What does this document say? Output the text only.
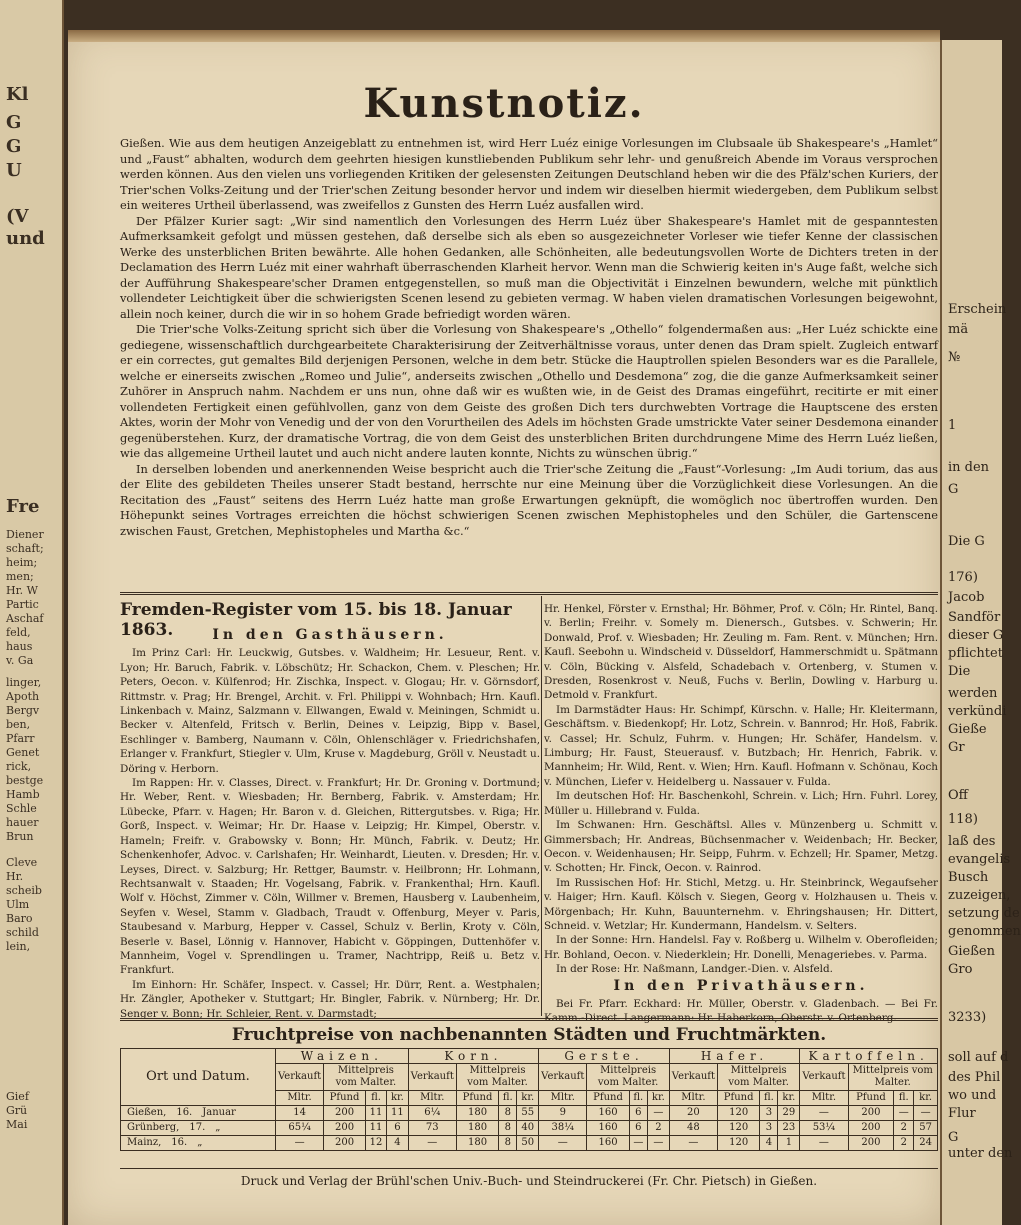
Kl
G
G
U
(V
und
Fre
Diener
schaft;
heim;
men;
Hr. W
Partic
Aschaf
feld,
haus
v. Ga
linger,
Apoth
Bergv
ben,
Pfarr
Genet
rick,
bestge
Hamb
Schle
hauer
Brun
Cleve
Hr.
scheib
Ulm
Baro
schild
lein,
Gief
Grü
Mai
Erschein
mä
№
1
in den
G
Die G
176)
Jacob
Sandför
dieser G
pflichtet
Die
werden
verkündi
Gieße
Gr
Off
118)
laß des
evangelis
Busch
zuzeigen,
setzung de
genommen
Gießen
Gro
3233)
soll auf d
des Phil
wo und
Flur
G
unter den
Kunstnotiz.

Gießen. Wie aus dem heutigen Anzeigeblatt zu entnehmen ist, wird Herr Luéz einige Vorlesungen im Clubsaale üb Shakespeare's „Hamlet“ und „Faust“ abhalten, wodurch dem geehrten hiesigen kunstliebenden Publikum sehr lehr- und genußreich Abende im Voraus versprochen werden können. Aus den vielen uns vorliegenden Kritiken der gelesensten Zeitungen Deutschland heben wir die des Pfälz'schen Kuriers, der Trier'schen Volks-Zeitung und der Trier'schen Zeitung besonder hervor und indem wir dieselben hiermit wiedergeben, dem Publikum selbst ein weiteres Urtheil überlassend, was zweifellos z Gunsten des Herrn Luéz ausfallen wird.

Der Pfälzer Kurier sagt: „Wir sind namentlich den Vorlesungen des Herrn Luéz über Shakespeare's Hamlet mit de gespanntesten Aufmerksamkeit gefolgt und müssen gestehen, daß derselbe sich als eben so ausgezeichneter Vorleser wie tiefer Kenne der classischen Werke des unsterblichen Briten bewährte. Alle hohen Gedanken, alle Schönheiten, alle bedeutungsvollen Worte de Dichters treten in der Declamation des Herrn Luéz mit einer wahrhaft überraschenden Klarheit hervor. Wenn man die Schwierig keiten in's Auge faßt, welche sich der Aufführung Shakespeare'scher Dramen entgegenstellen, so muß man die Objectivität i Einzelnen bewundern, welche mit pünktlich vollendeter Leichtigkeit über die schwierigsten Scenen lesend zu gebieten vermag. W haben vielen dramatischen Vorlesungen beigewohnt, allein noch keiner, durch die wir in so hohem Grade befriedigt worden wären.

Die Trier'sche Volks-Zeitung spricht sich über die Vorlesung von Shakespeare's „Othello“ folgendermaßen aus: „Her Luéz schickte eine gediegene, wissenschaftlich durchgearbeitete Charakterisirung der Zeitverhältnisse voraus, unter denen das Dram spielt. Zugleich entwarf er ein correctes, gut gemaltes Bild derjenigen Personen, welche in dem betr. Stücke die Hauptrollen spielen Besonders war es die Parallele, welche er einerseits zwischen „Romeo und Julie“, anderseits zwischen „Othello und Desdemona“ zog, die die ganze Aufmerksamkeit seiner Zuhörer in Anspruch nahm. Nachdem er uns nun, ohne daß wir es wußten wie, in de Geist des Dramas eingeführt, recitirte er mit einer vollendeten Fertigkeit einen gefühlvollen, ganz von dem Geiste des großen Dich ters durchwebten Vortrage die Hauptscene des ersten Aktes, worin der Mohr von Venedig und der von den Vorurtheilen des Adels im höchsten Grade umstrickte Vater seiner Desdemona einander gegenüberstehen. Kurz, der dramatische Vortrag, die von dem Geist des unsterblichen Briten durchdrungene Mime des Herrn Luéz ließen, wie das allgemeine Urtheil lautet und auch nicht andere lauten konnte, Nichts zu wünschen übrig.“

In derselben lobenden und anerkennenden Weise bespricht auch die Trier'sche Zeitung die „Faust“-Vorlesung: „Im Audi torium, das aus der Elite des gebildeten Theiles unserer Stadt bestand, herrschte nur eine Meinung über die Vorzüglichkeit diese Vorlesungen. An die Recitation des „Faust“ seitens des Herrn Luéz hatte man große Erwartungen geknüpft, die womöglich noc übertroffen wurden. Den Höhepunkt seines Vortrages erreichten die höchst schwierigen Scenen zwischen Mephistopheles und den Schüler, die Gartenscene zwischen Faust, Gretchen, Mephistopheles und Martha &c.“

Fremden-Register vom 15. bis 18. Januar 1863.	In den Gasthäusern.

Im Prinz Carl: Hr. Leuckwig, Gutsbes. v. Waldheim; Hr. Lesueur, Rent. v. Lyon; Hr. Baruch, Fabrik. v. Löbschütz; Hr. Schackon, Chem. v. Pleschen; Hr. Peters, Oecon. v. Külfenrod; Hr. Zischka, Inspect. v. Glogau; Hr. v. Görnsdorf, Rittmstr. v. Prag; Hr. Brengel, Archit. v. Frl. Philippi v. Wohnbach; Hrn. Kaufl. Linkenbach v. Mainz, Salzmann v. Ellwangen, Ewald v. Meiningen, Schmidt u. Becker v. Altenfeld, Fritsch v. Berlin, Deines v. Leipzig, Bipp v. Basel, Eschlinger v. Bamberg, Naumann v. Cöln, Ohlenschläger v. Friedrichshafen, Erlanger v. Frankfurt, Stiegler v. Ulm, Kruse v. Magdeburg, Gröll v. Neustadt u. Döring v. Herborn.

Im Rappen: Hr. v. Classes, Direct. v. Frankfurt; Hr. Dr. Groning v. Dortmund; Hr. Weber, Rent. v. Wiesbaden; Hr. Bernberg, Fabrik. v. Amsterdam; Hr. Lübecke, Pfarr. v. Hagen; Hr. Baron v. d. Gleichen, Rittergutsbes. v. Riga; Hr. Gorß, Inspect. v. Weimar; Hr. Dr. Haase v. Leipzig; Hr. Kimpel, Oberstr. v. Hameln; Freifr. v. Grabowsky v. Bonn; Hr. Münch, Fabrik. v. Deutz; Hr. Schenkenhofer, Advoc. v. Carlshafen; Hr. Weinhardt, Lieuten. v. Dresden; Hr. v. Leyses, Direct. v. Salzburg; Hr. Rettger, Baumstr. v. Heilbronn; Hr. Lohmann, Rechtsanwalt v. Staaden; Hr. Vogelsang, Fabrik. v. Frankenthal; Hrn. Kaufl. Wolf v. Höchst, Zimmer v. Cöln, Willmer v. Bremen, Hausberg v. Laubenheim, Seyfen v. Wesel, Stamm v. Gladbach, Traudt v. Offenburg, Meyer v. Paris, Staubesand v. Marburg, Hepper v. Cassel, Schulz v. Berlin, Kroty v. Cöln, Beserle v. Basel, Lönnig v. Hannover, Habicht v. Göppingen, Duttenhöfer v. Mannheim, Vogel v. Sprendlingen u. Tramer, Nachtripp, Reiß u. Betz v. Frankfurt.

Im Einhorn: Hr. Schäfer, Inspect. v. Cassel; Hr. Dürr, Rent. a. Westphalen; Hr. Zängler, Apotheker v. Stuttgart; Hr. Bingler, Fabrik. v. Nürnberg; Hr. Dr. Senger v. Bonn; Hr. Schleier, Rent. v. Darmstadt;

Hr. Henkel, Förster v. Ernsthal; Hr. Böhmer, Prof. v. Cöln; Hr. Rintel, Banq. v. Berlin; Freihr. v. Somely m. Dienersch., Gutsbes. v. Schwerin; Hr. Donwald, Prof. v. Wiesbaden; Hr. Zeuling m. Fam. Rent. v. München; Hrn. Kaufl. Seebohn u. Windscheid v. Düsseldorf, Hammerschmidt u. Spätmann v. Cöln, Bücking v. Alsfeld, Schadebach v. Ortenberg, v. Stumen v. Dresden, Rosenkrost v. Neuß, Fuchs v. Berlin, Dowling v. Harburg u. Detmold v. Frankfurt.

Im Darmstädter Haus: Hr. Schimpf, Kürschn. v. Halle; Hr. Kleitermann, Geschäftsm. v. Biedenkopf; Hr. Lotz, Schrein. v. Bannrod; Hr. Hoß, Fabrik. v. Cassel; Hr. Schulz, Fuhrm. v. Hungen; Hr. Schäfer, Handelsm. v. Limburg; Hr. Faust, Steuerausf. v. Butzbach; Hr. Henrich, Fabrik. v. Mannheim; Hr. Wild, Rent. v. Wien; Hrn. Kaufl. Hofmann v. Schönau, Koch v. München, Liefer v. Heidelberg u. Nassauer v. Fulda.

Im deutschen Hof: Hr. Baschenkohl, Schrein. v. Lich; Hrn. Fuhrl. Lorey, Müller u. Hillebrand v. Fulda.

Im Schwanen: Hrn. Geschäftsl. Alles v. Münzenberg u. Schmitt v. Gimmersbach; Hr. Andreas, Büchsenmacher v. Weidenbach; Hr. Becker, Oecon. v. Weidenhausen; Hr. Seipp, Fuhrm. v. Echzell; Hr. Spamer, Metzg. v. Schotten; Hr. Finck, Oecon. v. Rainrod.

Im Russischen Hof: Hr. Stichl, Metzg. u. Hr. Steinbrinck, Wegaufseher v. Haiger; Hrn. Kaufl. Kölsch v. Siegen, Georg v. Holzhausen u. Theis v. Mörgenbach; Hr. Kuhn, Bauunternehm. v. Ehringshausen; Hr. Dittert, Schneid. v. Wetzlar; Hr. Kundermann, Handelsm. v. Selters.

In der Sonne: Hrn. Handelsl. Fay v. Roßberg u. Wilhelm v. Oberofleiden; Hr. Bohland, Oecon. v. Niederklein; Hr. Donelli, Menageriebes. v. Parma.

In der Rose: Hr. Naßmann, Landger.-Dien. v. Alsfeld.

In den Privathäusern.

Bei Fr. Pfarr. Eckhard: Hr. Müller, Oberstr. v. Gladenbach. — Bei Fr. Kamm.-Direct. Langermann: Hr. Haberkorn, Oberstr. v. Ortenberg.

Fruchtpreise von nachbenannten Städten und Fruchtmärkten.
Ort und Datum.	Waizen.				Korn.				Gerste.				Hafer.				Kartoffeln.			
	Verkauft	Mittelpreis vom Malter.			Verkauft	Mittelpreis vom Malter.			Verkauft	Mittelpreis vom Malter.			Verkauft	Mittelpreis vom Malter.			Verkauft	Mittelpreis vom Malter.		
	Mltr.	Pfund	fl.	kr.	Mltr.	Pfund	fl.	kr.	Mltr.	Pfund	fl.	kr.	Mltr.	Pfund	fl.	kr.	Mltr.	Pfund	fl.	kr.
Gießen, 16. Januar	14	200	11	11	6¼	180	8	55	9	160	6	—	20	120	3	29	—	200	—	—
Grünberg, 17. „	65¼	200	11	6	73	180	8	40	38¼	160	6	2	48	120	3	23	53¼	200	2	57
Mainz, 16. „	—	200	12	4	—	180	8	50	—	160	—	—	—	120	4	1	—	200	2	24
Druck und Verlag der Brühl'schen Univ.-Buch- und Steindruckerei (Fr. Chr. Pietsch) in Gießen.
